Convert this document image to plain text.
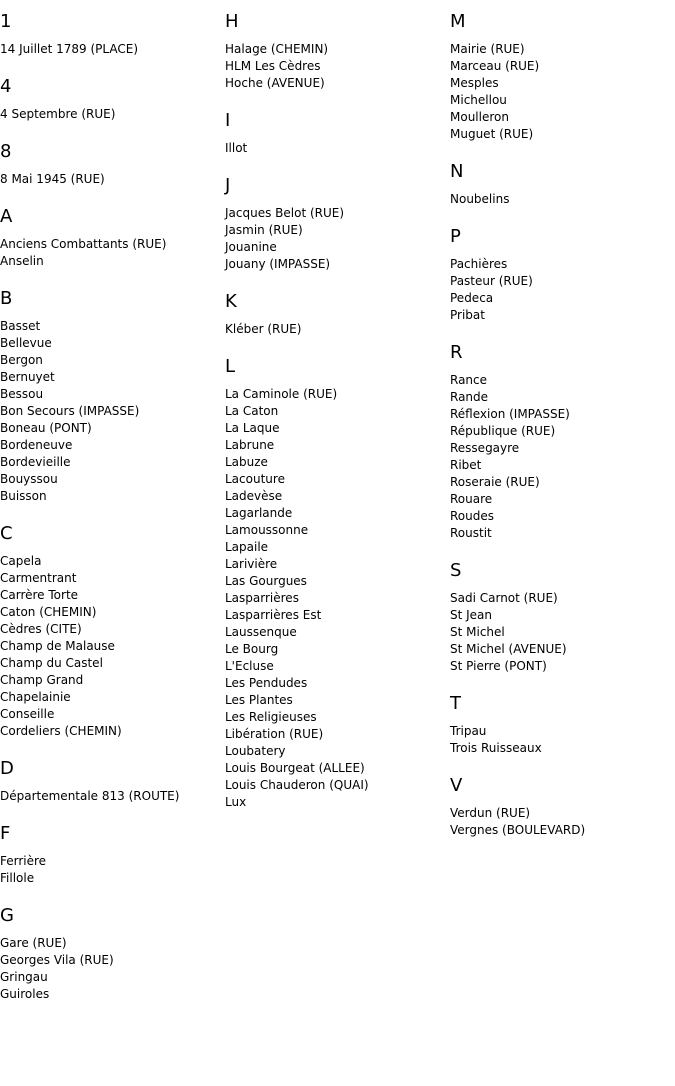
1
14 Juillet 1789 (PLACE)
4
4 Septembre (RUE)
8
8 Mai 1945 (RUE)
A
Anciens Combattants (RUE)
Anselin
B
Basset
Bellevue
Bergon
Bernuyet
Bessou
Bon Secours (IMPASSE)
Boneau (PONT)
Bordeneuve
Bordevieille
Bouyssou
Buisson
C
Capela
Carmentrant
Carrère Torte
Caton (CHEMIN)
Cèdres (CITE)
Champ de Malause
Champ du Castel
Champ Grand
Chapelainie
Conseille
Cordeliers (CHEMIN)
D
Départementale 813 (ROUTE)
F
Ferrière
Fillole
G
Gare (RUE)
Georges Vila (RUE)
Gringau
Guiroles
H
Halage (CHEMIN)
HLM Les Cèdres
Hoche (AVENUE)
I
Illot
J
Jacques Belot (RUE)
Jasmin (RUE)
Jouanine
Jouany (IMPASSE)
K
Kléber (RUE)
L
La Caminole (RUE)
La Caton
La Laque
Labrune
Labuze
Lacouture
Ladevèse
Lagarlande
Lamoussonne
Lapaile
Larivière
Las Gourgues
Lasparrières
Lasparrières Est
Laussenque
Le Bourg
L'Ecluse
Les Pendudes
Les Plantes
Les Religieuses
Libération (RUE)
Loubatery
Louis Bourgeat (ALLEE)
Louis Chauderon (QUAI)
Lux
M
Mairie (RUE)
Marceau (RUE)
Mesples
Michellou
Moulleron
Muguet (RUE)
N
Noubelins
P
Pachières
Pasteur (RUE)
Pedeca
Pribat
R
Rance
Rande
Réflexion (IMPASSE)
République (RUE)
Ressegayre
Ribet
Roseraie (RUE)
Rouare
Roudes
Roustit
S
Sadi Carnot (RUE)
St Jean
St Michel
St Michel (AVENUE)
St Pierre (PONT)
T
Tripau
Trois Ruisseaux
V
Verdun (RUE)
Vergnes (BOULEVARD)
